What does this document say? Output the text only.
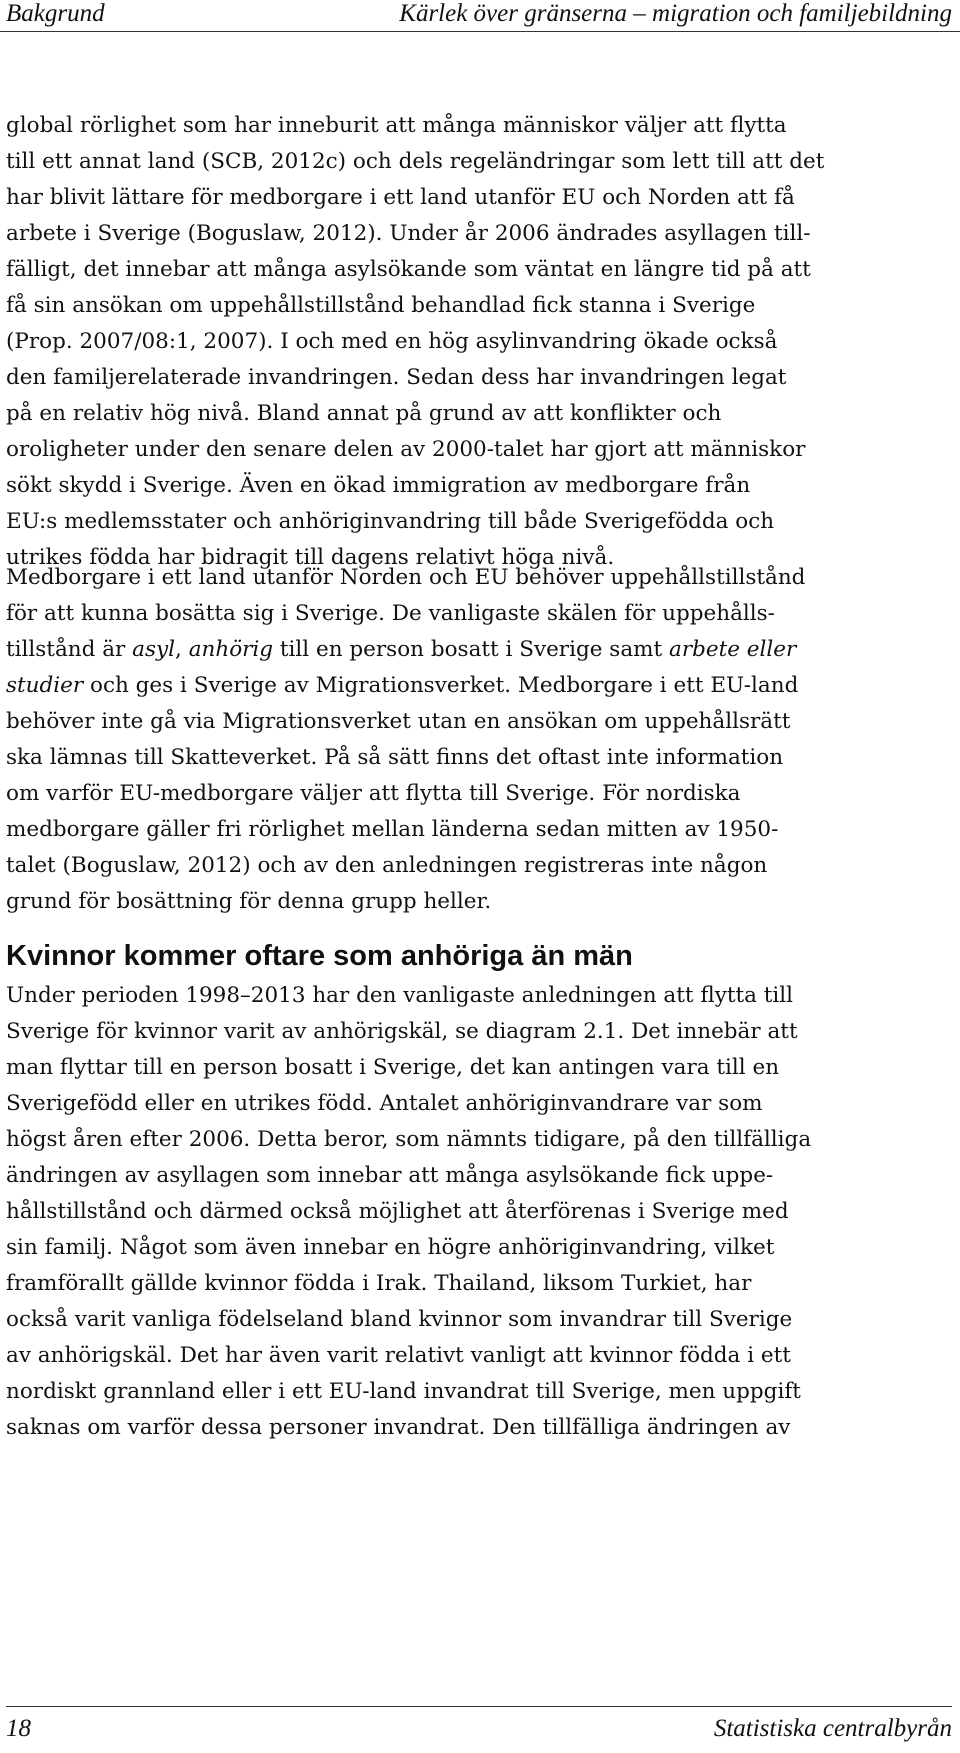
Bakgrund	Kärlek över gränserna – migration och familjebildning
global rörlighet som har inneburit att många människor väljer att flytta
till ett annat land (SCB, 2012c) och dels regeländringar som lett till att det
har blivit lättare för medborgare i ett land utanför EU och Norden att få
arbete i Sverige (Boguslaw, 2012). Under år 2006 ändrades asyllagen till-
fälligt, det innebar att många asylsökande som väntat en längre tid på att
få sin ansökan om uppehållstillstånd behandlad fick stanna i Sverige
(Prop. 2007/08:1, 2007). I och med en hög asylinvandring ökade också
den familjerelaterade invandringen. Sedan dess har invandringen legat
på en relativ hög nivå. Bland annat på grund av att konflikter och
oroligheter under den senare delen av 2000-talet har gjort att människor
sökt skydd i Sverige. Även en ökad immigration av medborgare från
EU:s medlemsstater och anhöriginvandring till både Sverigefödda och
utrikes födda har bidragit till dagens relativt höga nivå.
Medborgare i ett land utanför Norden och EU behöver uppehållstillstånd
för att kunna bosätta sig i Sverige. De vanligaste skälen för uppehålls-
tillstånd är asyl, anhörig till en person bosatt i Sverige samt arbete eller
studier och ges i Sverige av Migrationsverket. Medborgare i ett EU-land
behöver inte gå via Migrationsverket utan en ansökan om uppehållsrätt
ska lämnas till Skatteverket. På så sätt finns det oftast inte information
om varför EU-medborgare väljer att flytta till Sverige. För nordiska
medborgare gäller fri rörlighet mellan länderna sedan mitten av 1950-
talet (Boguslaw, 2012) och av den anledningen registreras inte någon
grund för bosättning för denna grupp heller.
Kvinnor kommer oftare som anhöriga än män
Under perioden 1998–2013 har den vanligaste anledningen att flytta till
Sverige för kvinnor varit av anhörigskäl, se diagram 2.1. Det innebär att
man flyttar till en person bosatt i Sverige, det kan antingen vara till en
Sverigefödd eller en utrikes född. Antalet anhöriginvandrare var som
högst åren efter 2006. Detta beror, som nämnts tidigare, på den tillfälliga
ändringen av asyllagen som innebar att många asylsökande fick uppe-
hållstillstånd och därmed också möjlighet att återförenas i Sverige med
sin familj. Något som även innebar en högre anhöriginvandring, vilket
framförallt gällde kvinnor födda i Irak. Thailand, liksom Turkiet, har
också varit vanliga födelseland bland kvinnor som invandrar till Sverige
av anhörigskäl. Det har även varit relativt vanligt att kvinnor födda i ett
nordiskt grannland eller i ett EU-land invandrat till Sverige, men uppgift
saknas om varför dessa personer invandrat. Den tillfälliga ändringen av
18	Statistiska centralbyrån
